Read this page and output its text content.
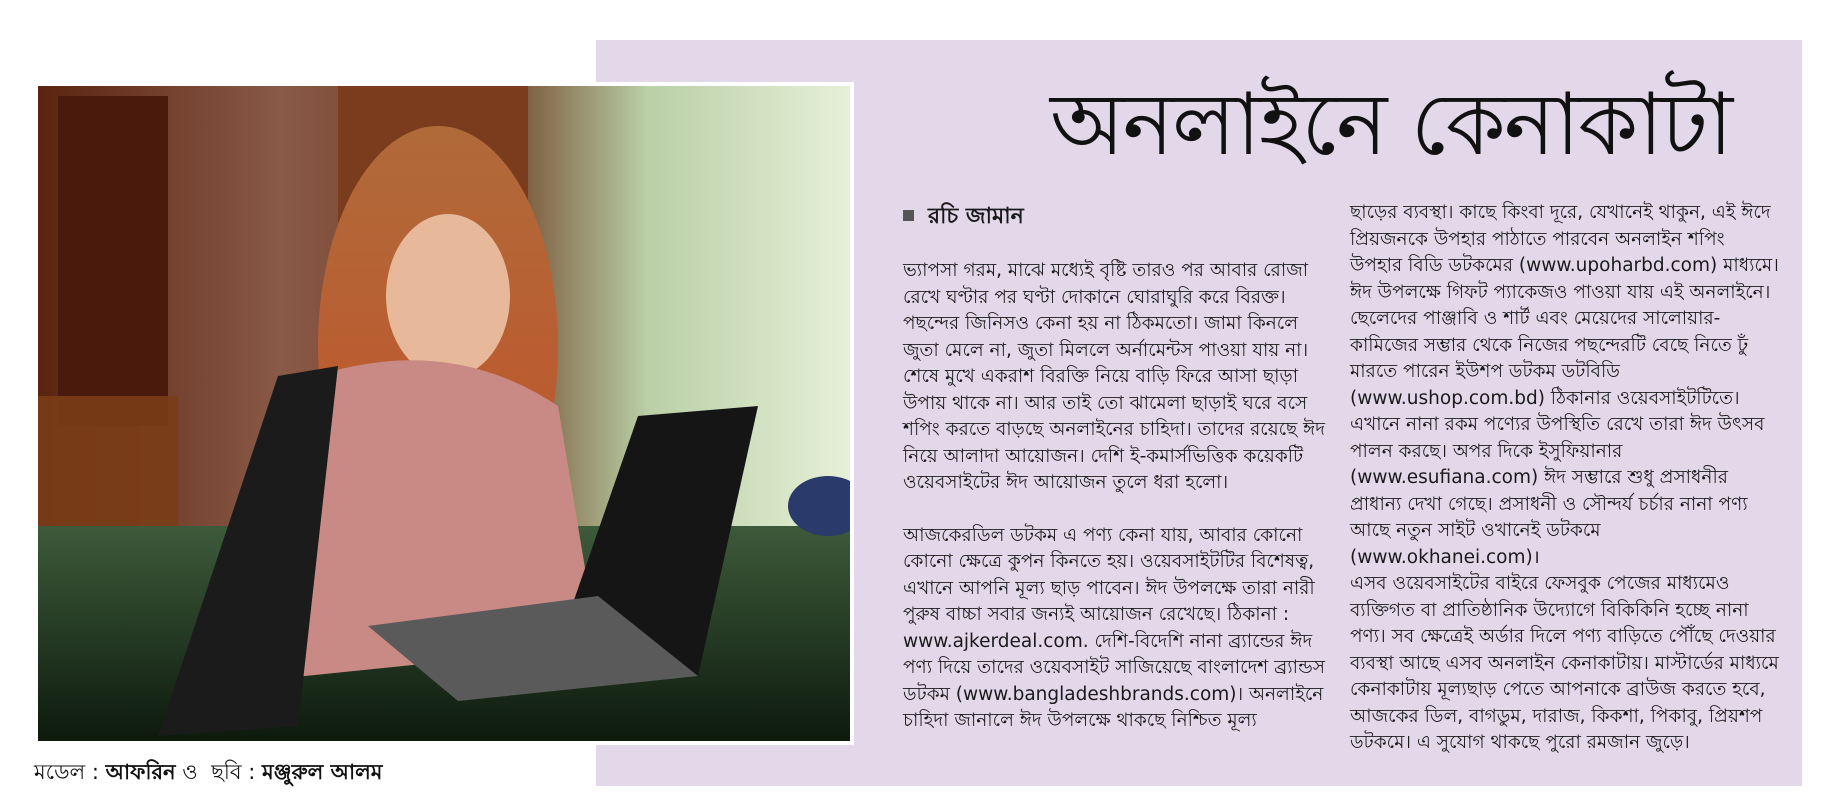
মডেল : আফরিন ও ছবি : মঞ্জুরুল আলম
অনলাইনে কেনাকাটা
রচি জামান

ভ্যাপসা গরম, মাঝে মধ্যেই বৃষ্টি তারও পর আবার রোজা রেখে ঘণ্টার পর ঘণ্টা দোকানে ঘোরাঘুরি করে বিরক্ত। পছন্দের জিনিসও কেনা হয় না ঠিকমতো। জামা কিনলে জুতা মেলে না, জুতা মিললে অর্নামেন্টস পাওয়া যায় না। শেষে মুখে একরাশ বিরক্তি নিয়ে বাড়ি ফিরে আসা ছাড়া উপায় থাকে না। আর তাই তো ঝামেলা ছাড়াই ঘরে বসে শপিং করতে বাড়ছে অনলাইনের চাহিদা। তাদের রয়েছে ঈদ নিয়ে আলাদা আয়োজন। দেশি ই-কমার্সভিত্তিক কয়েকটি ওয়েবসাইটের ঈদ আয়োজন তুলে ধরা হলো।

আজকেরডিল ডটকম এ পণ্য কেনা যায়, আবার কোনো কোনো ক্ষেত্রে কুপন কিনতে হয়। ওয়েবসাইটটির বিশেষত্ব, এখানে আপনি মূল্য ছাড় পাবেন। ঈদ উপলক্ষে তারা নারী পুরুষ বাচ্চা সবার জন্যই আয়োজন রেখেছে। ঠিকানা : www.ajkerdeal.com. দেশি-বিদেশি নানা ব্র্যান্ডের ঈদ পণ্য দিয়ে তাদের ওয়েবসাইট সাজিয়েছে বাংলাদেশ ব্র্যান্ডস ডটকম (www.bangladeshbrands.com)। অনলাইনে চাহিদা জানালে ঈদ উপলক্ষে থাকছে নিশ্চিত মূল্য

ছাড়ের ব্যবস্থা। কাছে কিংবা দূরে, যেখানেই থাকুন, এই ঈদে প্রিয়জনকে উপহার পাঠাতে পারবেন অনলাইন শপিং উপহার বিডি ডটকমের (www.upoharbd.com) মাধ্যমে। ঈদ উপলক্ষে গিফট প্যাকেজও পাওয়া যায় এই অনলাইনে।

ছেলেদের পাঞ্জাবি ও শার্ট এবং মেয়েদের সালোয়ার-কামিজের সম্ভার থেকে নিজের পছন্দেরটি বেছে নিতে ঢুঁ মারতে পারেন ইউশপ ডটকম ডটবিডি (www.ushop.com.bd) ঠিকানার ওয়েবসাইটটিতে। এখানে নানা রকম পণ্যের উপস্থিতি রেখে তারা ঈদ উৎসব পালন করছে। অপর দিকে ইসুফিয়ানার (www.esufiana.com) ঈদ সম্ভারে শুধু প্রসাধনীর প্রাধান্য দেখা গেছে। প্রসাধনী ও সৌন্দর্য চর্চার নানা পণ্য আছে নতুন সাইট ওখানেই ডটকমে (www.okhanei.com)।

এসব ওয়েবসাইটের বাইরে ফেসবুক পেজের মাধ্যমেও ব্যক্তিগত বা প্রাতিষ্ঠানিক উদ্যোগে বিকিকিনি হচ্ছে নানা পণ্য। সব ক্ষেত্রেই অর্ডার দিলে পণ্য বাড়িতে পৌঁছে দেওয়ার ব্যবস্থা আছে এসব অনলাইন কেনাকাটায়। মাস্টার্ডের মাধ্যমে কেনাকাটায় মূল্যছাড় পেতে আপনাকে ব্রাউজ করতে হবে, আজকের ডিল, বাগডুম, দারাজ, কিকশা, পিকাবু, প্রিয়শপ ডটকমে। এ সুযোগ থাকছে পুরো রমজান জুড়ে।
